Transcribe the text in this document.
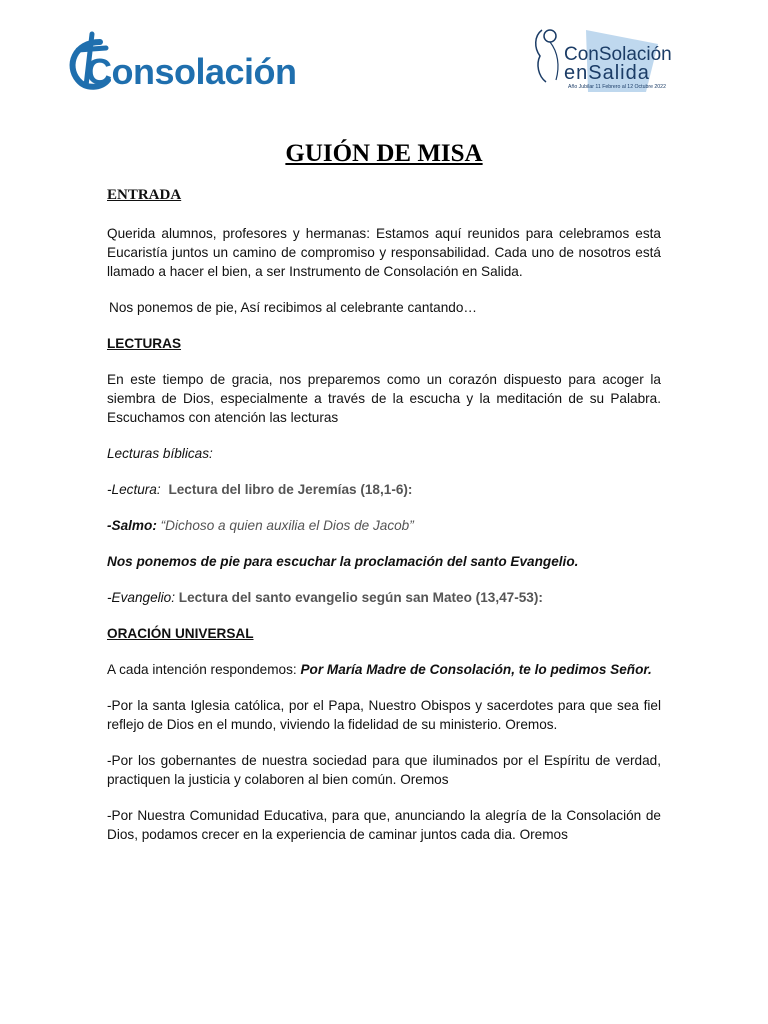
Consolación	ConSolación
enSalida
Año Jubilar 11 Febrero al 12 Octubre 2022
GUIÓN DE MISA

ENTRADA

Querida alumnos, profesores y hermanas: Estamos aquí reunidos para celebramos esta Eucaristía juntos un camino de compromiso y responsabilidad. Cada uno de nosotros está llamado a hacer el bien, a ser Instrumento de Consolación en Salida.

Nos ponemos de pie, Así recibimos al celebrante cantando…

LECTURAS

En este tiempo de gracia, nos preparemos como un corazón dispuesto para acoger la siembra de Dios, especialmente a través de la escucha y la meditación de su Palabra. Escuchamos con atención las lecturas

Lecturas bíblicas:

-Lectura: Lectura del libro de Jeremías (18,1-6):

-Salmo: “Dichoso a quien auxilia el Dios de Jacob”

Nos ponemos de pie para escuchar la proclamación del santo Evangelio.

-Evangelio: Lectura del santo evangelio según san Mateo (13,47-53):

ORACIÓN UNIVERSAL

A cada intención respondemos: Por María Madre de Consolación, te lo pedimos Señor.

-Por la santa Iglesia católica, por el Papa, Nuestro Obispos y sacerdotes para que sea fiel reflejo de Dios en el mundo, viviendo la fidelidad de su ministerio. Oremos.

-Por los gobernantes de nuestra sociedad para que iluminados por el Espíritu de verdad, practiquen la justicia y colaboren al bien común. Oremos

-Por Nuestra Comunidad Educativa, para que, anunciando la alegría de la Consolación de Dios, podamos crecer en la experiencia de caminar juntos cada dia. Oremos
